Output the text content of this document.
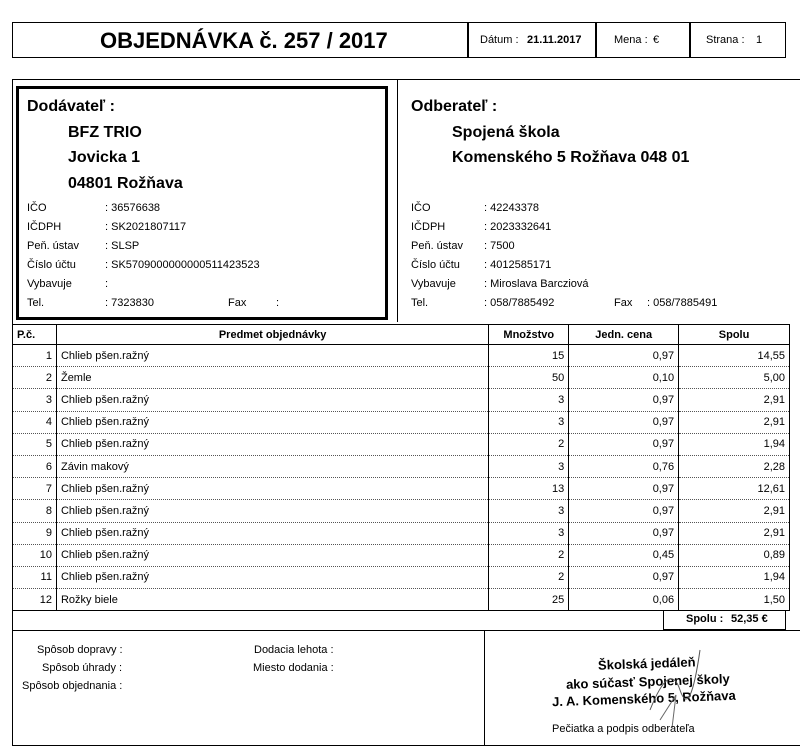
OBJEDNÁVKA č. 257 / 2017	Dátum : 21.11.2017	Mena : €	Strana : 1
Dodávateľ :
BFZ TRIO
Jovicka 1
04801 Rožňava
IČO	: 36576638
IČDPH	: SK2021807117
Peň. ústav : SLSP
Číslo účtu	: SK5709000000000511423523
Vybavuje	:
Tel.	: 7323830	Fax	:
Odberateľ :
Spojená škola
Komenského 5 Rožňava 048 01
IČO	: 42243378
IČDPH	: 2023332641
Peň. ústav : 7500
Číslo účtu : 4012585171
Vybavuje	: Miroslava Barcziová
Tel.	: 058/7885492	Fax : 058/7885491
P.č.	Predmet objednávky	Množstvo	Jedn. cena	Spolu
1	Chlieb pšen.ražný	15	0,97	14,55
2	Žemle	50	0,10	5,00
3	Chlieb pšen.ražný	3	0,97	2,91
4	Chlieb pšen.ražný	3	0,97	2,91
5	Chlieb pšen.ražný	2	0,97	1,94
6	Závin makový	3	0,76	2,28
7	Chlieb pšen.ražný	13	0,97	12,61
8	Chlieb pšen.ražný	3	0,97	2,91
9	Chlieb pšen.ražný	3	0,97	2,91
10	Chlieb pšen.ražný	2	0,45	0,89
11	Chlieb pšen.ražný	2	0,97	1,94
12	Rožky biele	25	0,06	1,50
Spolu : 52,35 €
Spôsob dopravy :
Spôsob úhrady :
Spôsob objednania :
Dodacia lehota :
Miesto dodania :	Školská jedáleň
ako súčasť Spojenej školy
J. A. Komenského 5, Rožňava
Pečiatka a podpis odberateľa
